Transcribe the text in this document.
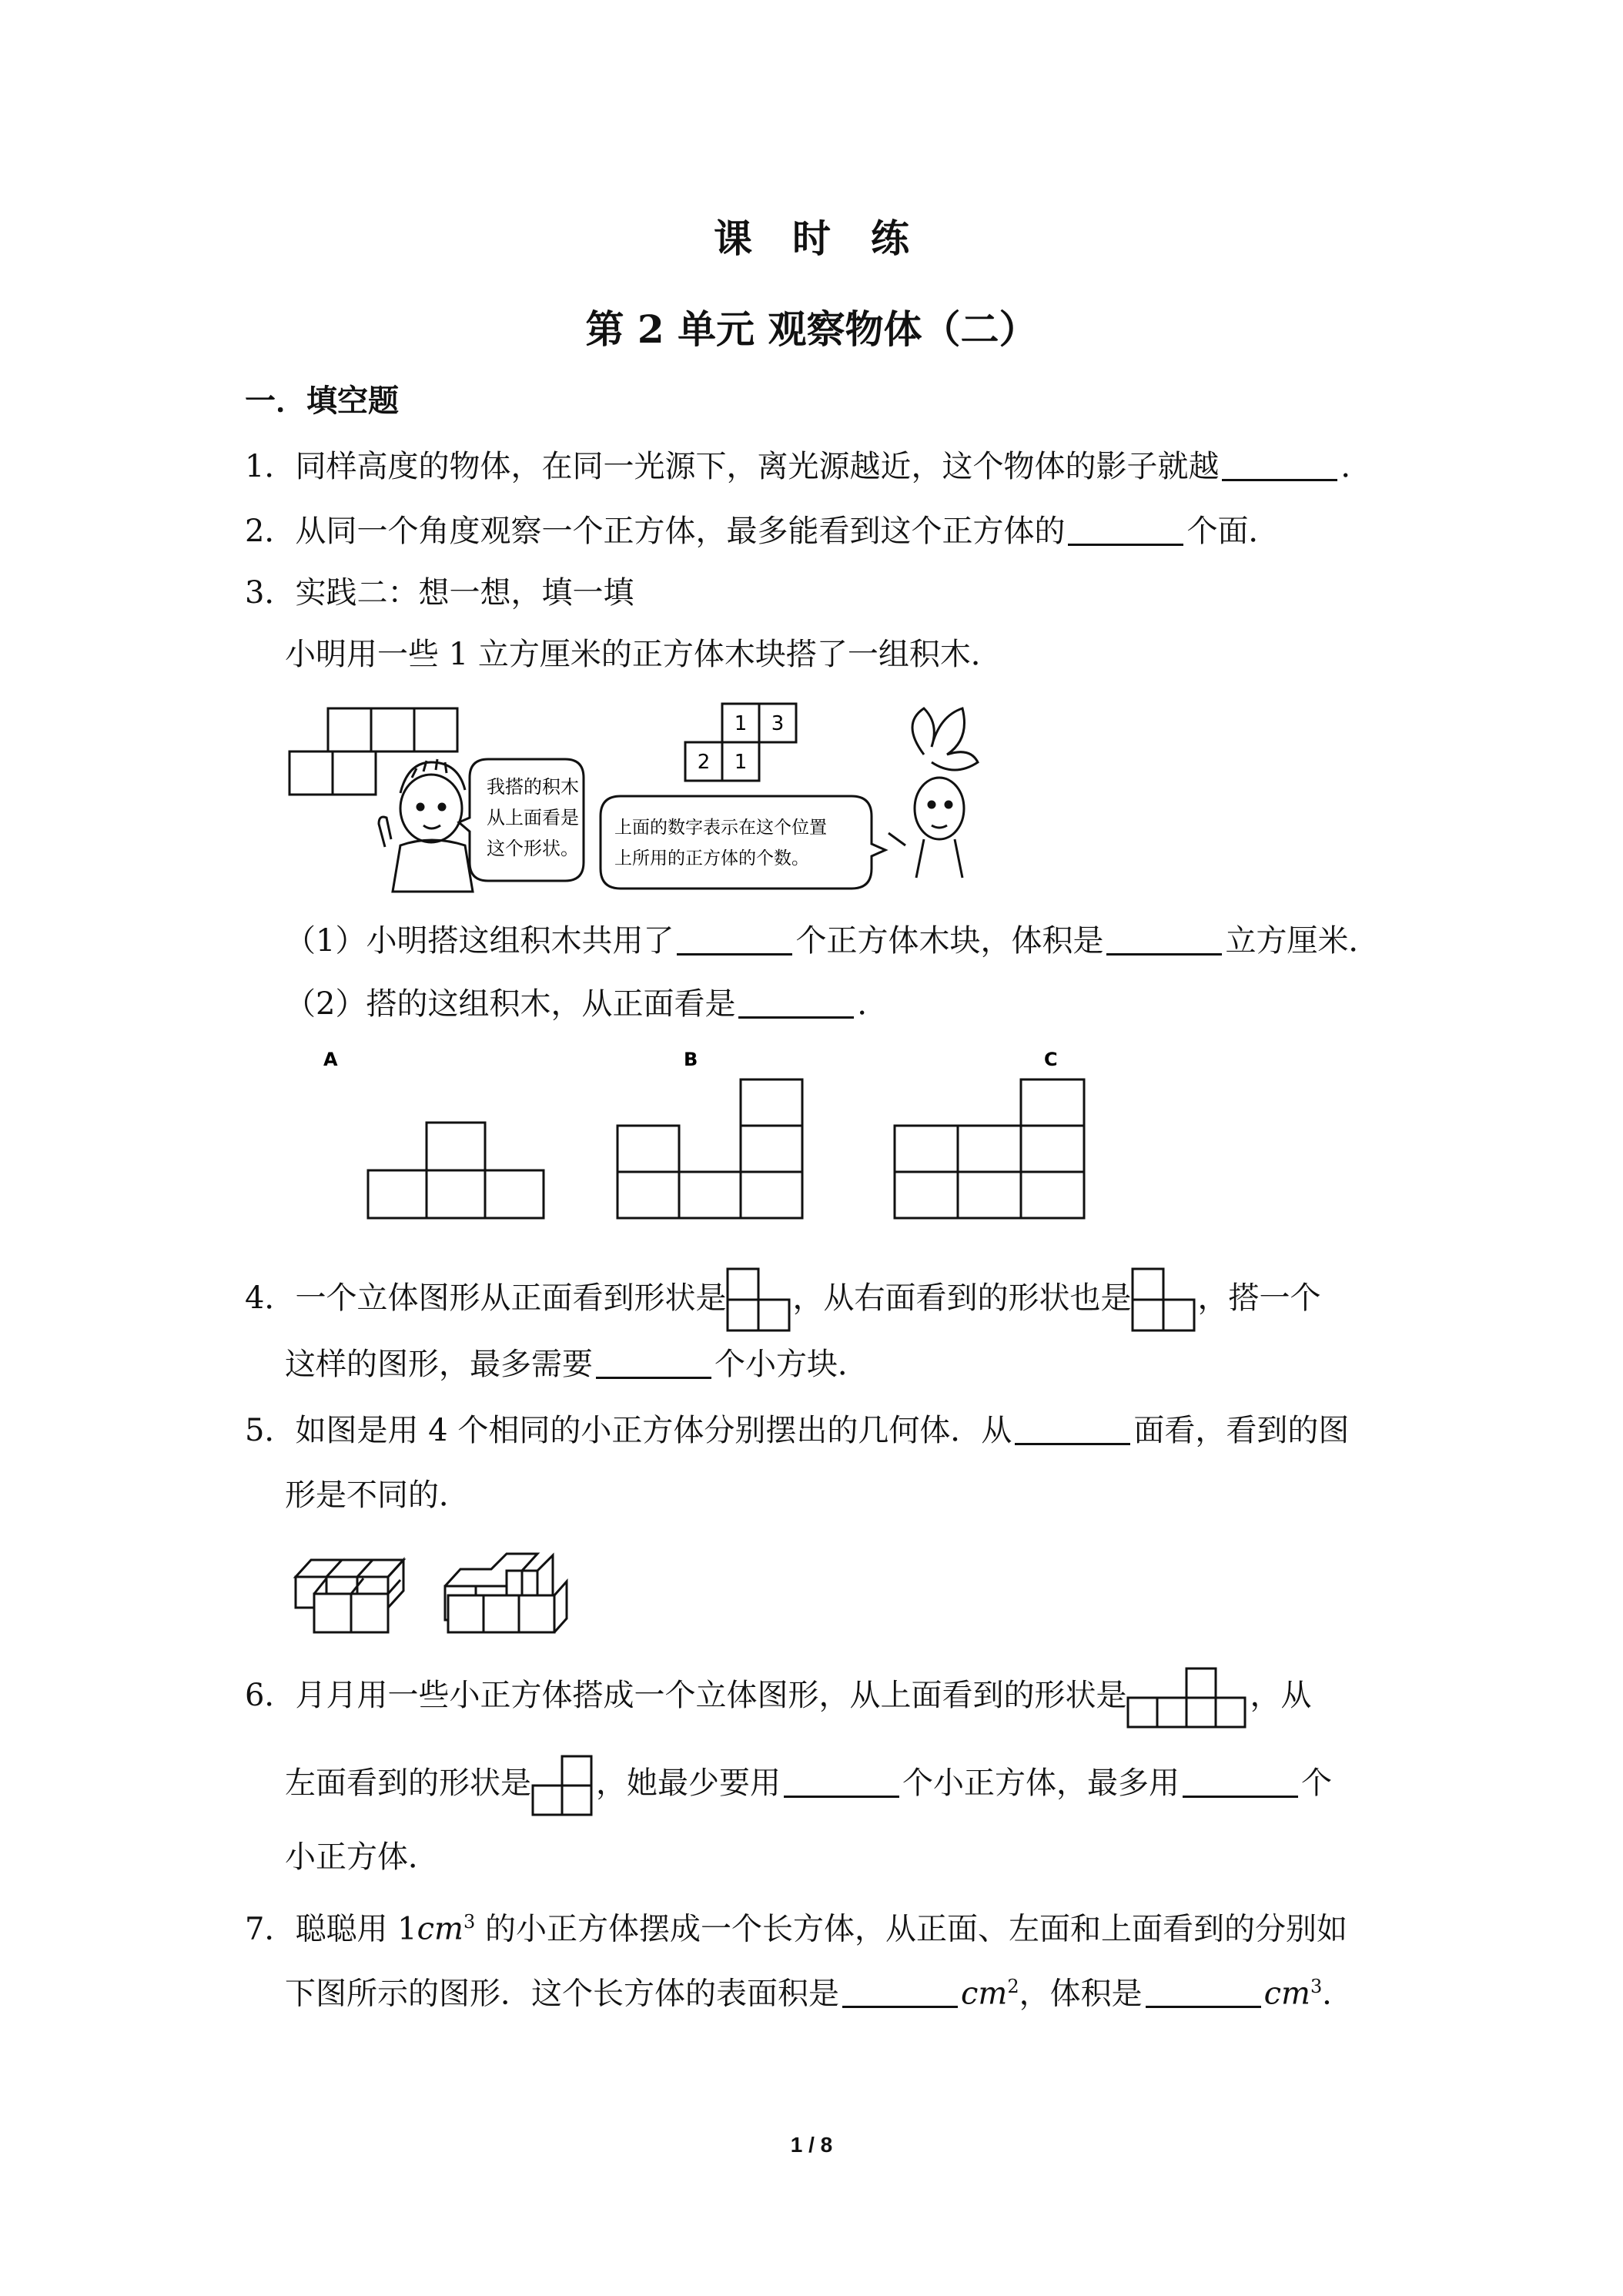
课 时 练
第 2 单元 观察物体（二）
一．填空题
1．同样高度的物体，在同一光源下，离光源越近，这个物体的影子就越	．
2．从同一个角度观察一个正方体，最多能看到这个正方体的	个面．
3．实践二：想一想，填一填
小明用一些 1 立方厘米的正方体木块搭了一组积木．
我搭的积木
从上面看是
这个形状。
1 3
2 1
上面的数字表示在这个位置
上所用的正方体的个数。
（1）小明搭这组积木共用了	个正方体木块，体积是	立方厘米．
（2）搭的这组积木，从正面看是	．
A	B	C
4．一个立体图形从正面看到形状是 ，从右面看到的形状也是 ，搭一个
这样的图形，最多需要	个小方块．
5．如图是用 4 个相同的小正方体分别摆出的几何体．从	面看，看到的图
形是不同的．
6．月月用一些小正方体搭成一个立体图形，从上面看到的形状是	，从
左面看到的形状是 ，她最少要用	个小正方体，最多用	个
小正方体．
7．聪聪用 $1cm^3$ 的小正方体摆成一个长方体，从正面、左面和上面看到的分别如
下图所示的图形．这个长方体的表面积是	$cm^2$，体积是	$cm^3$．
1 / 8
